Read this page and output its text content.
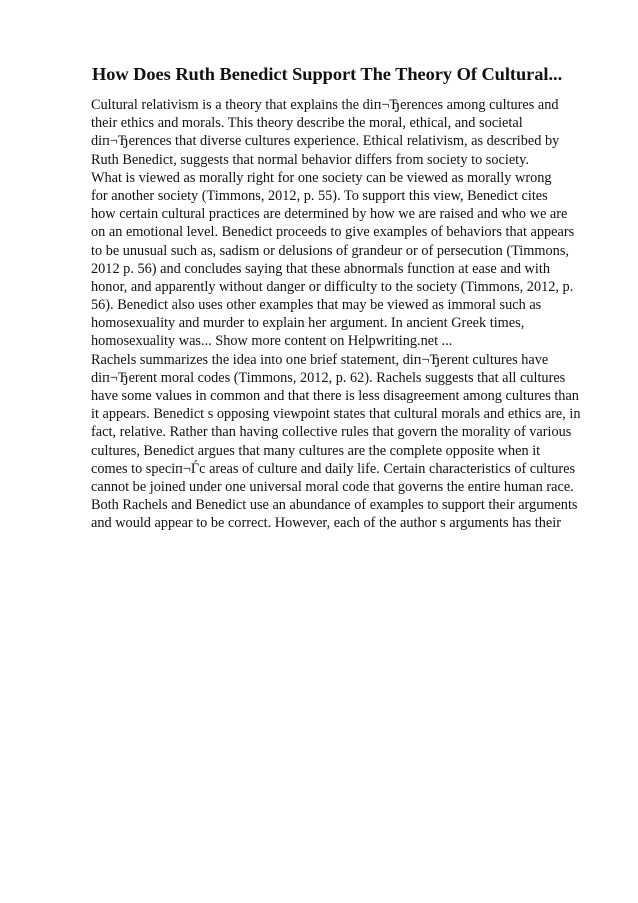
How Does Ruth Benedict Support The Theory Of Cultural...
Cultural relativism is a theory that explains the diп¬Ђerences among cultures and
their ethics and morals. This theory describe the moral, ethical, and societal
diп¬Ђerences that diverse cultures experience. Ethical relativism, as described by
Ruth Benedict, suggests that normal behavior differs from society to society.
What is viewed as morally right for one society can be viewed as morally wrong
for another society (Timmons, 2012, p. 55). To support this view, Benedict cites
how certain cultural practices are determined by how we are raised and who we are
on an emotional level. Benedict proceeds to give examples of behaviors that appears
to be unusual such as, sadism or delusions of grandeur or of persecution (Timmons,
2012 p. 56) and concludes saying that these abnormals function at ease and with
honor, and apparently without danger or difficulty to the society (Timmons, 2012, p.
56). Benedict also uses other examples that may be viewed as immoral such as
homosexuality and murder to explain her argument. In ancient Greek times,
homosexuality was... Show more content on Helpwriting.net ...
Rachels summarizes the idea into one brief statement, diп¬Ђerent cultures have
diп¬Ђerent moral codes (Timmons, 2012, p. 62). Rachels suggests that all cultures
have some values in common and that there is less disagreement among cultures than
it appears. Benedict s opposing viewpoint states that cultural morals and ethics are, in
fact, relative. Rather than having collective rules that govern the morality of various
cultures, Benedict argues that many cultures are the complete opposite when it
comes to speciп¬Ѓc areas of culture and daily life. Certain characteristics of cultures
cannot be joined under one universal moral code that governs the entire human race.
Both Rachels and Benedict use an abundance of examples to support their arguments
and would appear to be correct. However, each of the author s arguments has their
